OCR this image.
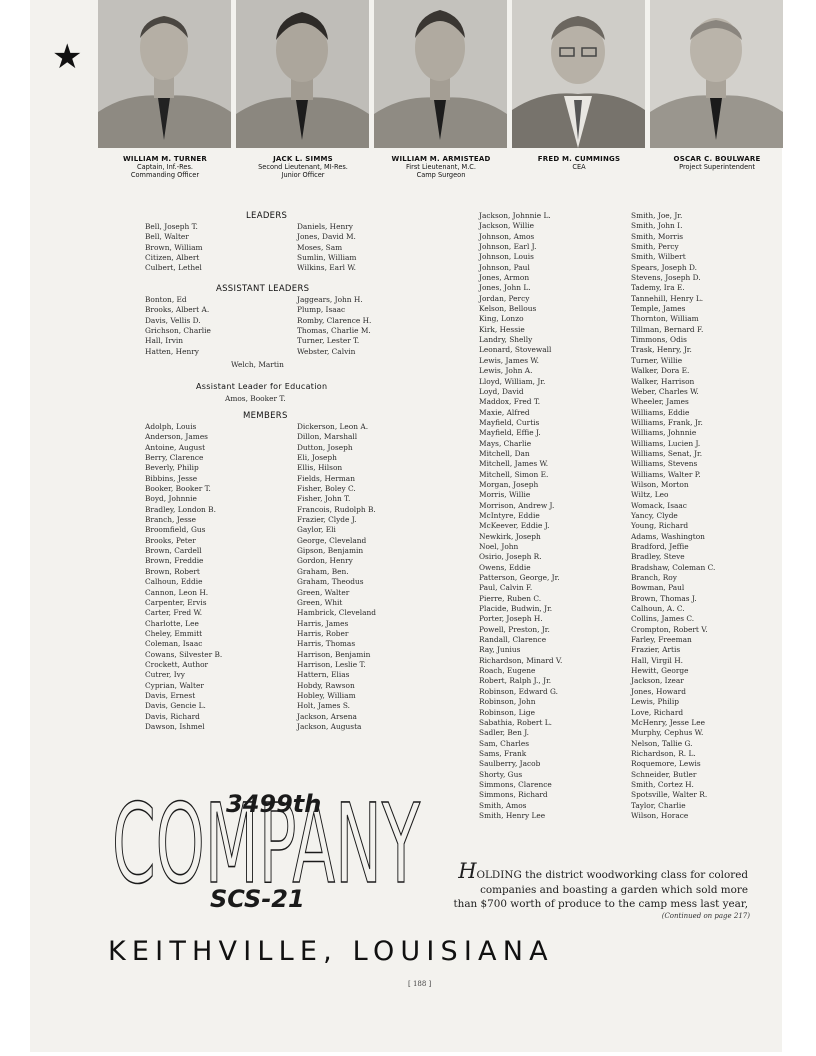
★
WILLIAM M. TURNER
Captain, Inf.-Res.
Commanding Officer
JACK L. SIMMS
Second Lieutenant, MI-Res.
Junior Officer
WILLIAM M. ARMISTEAD
First Lieutenant, M.C.
Camp Surgeon
FRED M. CUMMINGS
CEA
OSCAR C. BOULWARE
Project Superintendent
LEADERS
Bell, Joseph T.
Bell, Walter
Brown, William
Citizen, Albert
Culbert, Lethel
Daniels, Henry
Jones, David M.
Moses, Sam
Sumlin, William
Wilkins, Earl W.
ASSISTANT LEADERS
Bonton, Ed
Brooks, Albert A.
Davis, Vellis D.
Grichson, Charlie
Hall, Irvin
Hatten, Henry
Jaggears, John H.
Plump, Isaac
Romby, Clarence H.
Thomas, Charlie M.
Turner, Lester T.
Webster, Calvin
Welch, Martin
Assistant Leader for Education
Amos, Booker T.
MEMBERS
Adolph, Louis
Anderson, James
Antoine, August
Berry, Clarence
Beverly, Philip
Bibbins, Jesse
Booker, Booker T.
Boyd, Johnnie
Bradley, London B.
Branch, Jesse
Broomfield, Gus
Brooks, Peter
Brown, Cardell
Brown, Freddie
Brown, Robert
Calhoun, Eddie
Cannon, Leon H.
Carpenter, Ervis
Carter, Fred W.
Charlotte, Lee
Cheley, Emmitt
Coleman, Isaac
Cowans, Silvester B.
Crockett, Author
Cutrer, Ivy
Cyprian, Walter
Davis, Ernest
Davis, Gencie L.
Davis, Richard
Dawson, Ishmel
Dickerson, Leon A.
Dillon, Marshall
Dutton, Joseph
Eli, Joseph
Ellis, Hilson
Fields, Herman
Fisher, Boley C.
Fisher, John T.
Francois, Rudolph B.
Frazier, Clyde J.
Gaylor, Eli
George, Cleveland
Gipson, Benjamin
Gordon, Henry
Graham, Ben.
Graham, Theodus
Green, Walter
Green, Whit
Hambrick, Cleveland
Harris, James
Harris, Rober
Harris, Thomas
Harrison, Benjamin
Harrison, Leslie T.
Hattern, Elias
Hobdy, Rawson
Hobley, William
Holt, James S.
Jackson, Arsena
Jackson, Augusta
Jackson, Johnnie L.
Jackson, Willie
Johnson, Amos
Johnson, Earl J.
Johnson, Louis
Johnson, Paul
Jones, Armon
Jones, John L.
Jordan, Percy
Kelson, Bellous
King, Lonzo
Kirk, Hessie
Landry, Shelly
Leonard, Stovewall
Lewis, James W.
Lewis, John A.
Lloyd, William, Jr.
Loyd, David
Maddox, Fred T.
Maxie, Alfred
Mayfield, Curtis
Mayfield, Effie J.
Mays, Charlie
Mitchell, Dan
Mitchell, James W.
Mitchell, Simon E.
Morgan, Joseph
Morris, Willie
Morrison, Andrew J.
McIntyre, Eddie
McKeever, Eddie J.
Newkirk, Joseph
Noel, John
Osirio, Joseph R.
Owens, Eddie
Patterson, George, Jr.
Paul, Calvin F.
Pierre, Ruben C.
Placide, Budwin, Jr.
Porter, Joseph H.
Powell, Preston, Jr.
Randall, Clarence
Ray, Junius
Richardson, Minard V.
Roach, Eugene
Robert, Ralph J., Jr.
Robinson, Edward G.
Robinson, John
Robinson, Lige
Sabathia, Robert L.
Sadler, Ben J.
Sam, Charles
Sams, Frank
Saulberry, Jacob
Shorty, Gus
Simmons, Clarence
Simmons, Richard
Smith, Amos
Smith, Henry Lee
Smith, Joe, Jr.
Smith, John I.
Smith, Morris
Smith, Percy
Smith, Wilbert
Spears, Joseph D.
Stevens, Joseph D.
Tademy, Ira E.
Tannehill, Henry L.
Temple, James
Thornton, William
Tillman, Bernard F.
Timmons, Odis
Trask, Henry, Jr.
Turner, Willie
Walker, Dora E.
Walker, Harrison
Weber, Charles W.
Wheeler, James
Williams, Eddie
Williams, Frank, Jr.
Williams, Johnnie
Williams, Lucien J.
Williams, Senat, Jr.
Williams, Stevens
Williams, Walter P.
Wilson, Morton
Wiltz, Leo
Womack, Isaac
Yancy, Clyde
Young, Richard
Adams, Washington
Bradford, Jeffie
Bradley, Steve
Bradshaw, Coleman C.
Branch, Roy
Bowman, Paul
Brown, Thomas J.
Calhoun, A. C.
Collins, James C.
Crompton, Robert V.
Farley, Freeman
Frazier, Artis
Hall, Virgil H.
Hewitt, George
Jackson, Izear
Jones, Howard
Lewis, Philip
Love, Richard
McHenry, Jesse Lee
Murphy, Cephus W.
Nelson, Tallie G.
Richardson, R. L.
Roquemore, Lewis
Schneider, Butler
Smith, Cortez H.
Spotsville, Walter R.
Taylor, Charlie
Wilson, Horace
3499th
COMPANY
SCS-21
HOLDING the district woodworking class for colored
companies and boasting a garden which sold more
than $700 worth of produce to the camp mess last year,
(Continued on page 217)
KEITHVILLE, LOUISIANA
[ 188 ]
